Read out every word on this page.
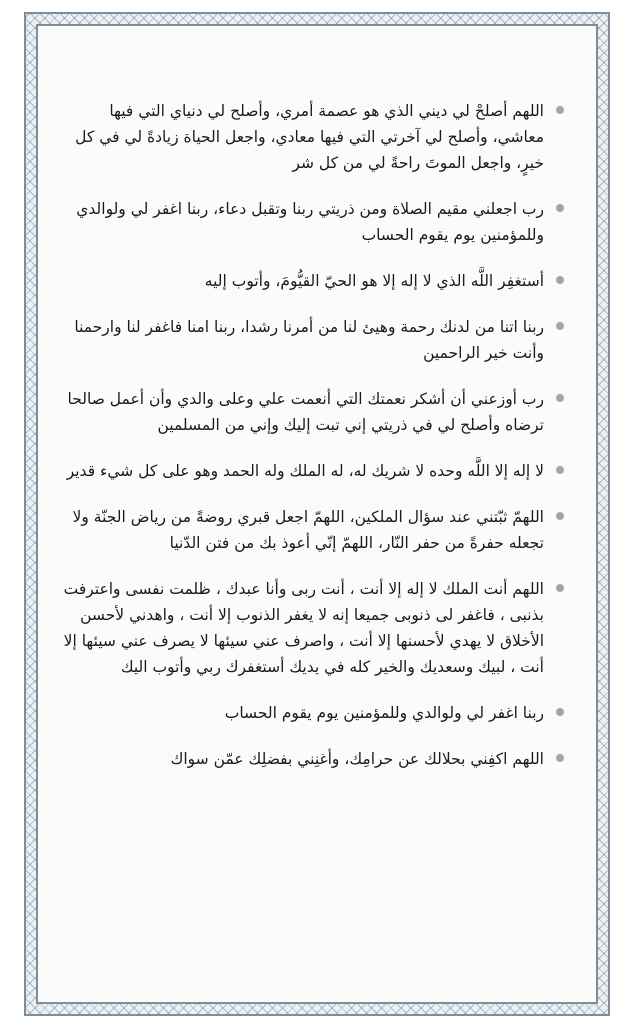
اللهم أصلحْ لي ديني الذي هو عصمة أمري، وأصلح لي دنياي التي فيها معاشي، وأصلح لي آخرتي التي فيها معادي، واجعل الحياة زيادةً لي في كل خيرٍ، واجعل الموتَ راحةً لي من كل شر
رب اجعلني مقيم الصلاة ومن ذريتي ربنا وتقبل دعاء، ربنا اغفر لي ولوالدي وللمؤمنين يوم يقوم الحساب
أستغفِر اللَّه الذي لا إله إلا هو الحيّ القيُّومَ، وأتوب إليه
ربنا اتنا من لدنك رحمة وهيئ لنا من أمرنا رشدا، ربنا امنا فاغفر لنا وارحمنا وأنت خير الراحمين
رب أوزعني أن أشكر نعمتك التي أنعمت علي وعلى والدي وأن أعمل صالحا ترضاه وأصلح لي في ذريتي إني تبت إليك وإني من المسلمين
لا إله إلا اللَّه وحده لا شريك له، له الملك وله الحمد وهو على كل شيء قدير
اللهمّ ثبّتني عند سؤال الملكين، اللهمّ اجعل قبري روضةً من رياض الجنّة ولا تجعله حفرةً من حفر النّار، اللهمّ إنّي أعوذ بك من فتن الدّنيا
اللهم أنت الملك لا إله إلا أنت ، أنت ربى وأنا عبدك ، ظلمت نفسى واعترفت بذنبى ، فاغفر لى ذنوبى جميعا إنه لا يغفر الذنوب إلا أنت ، واهدني لأحسن الأخلاق لا يهدي لأحسنها إلا أنت ، واصرف عني سيئها لا يصرف عني سيئها إلا أنت ، لبيك وسعديك والخير كله في يديك أستغفرك ربي وأتوب اليك
ربنا اغفر لي ولوالدي وللمؤمنين يوم يقوم الحساب
اللهم اكفِني بحلالك عن حرامِك، وأغنِني بفضلِك عمّن سواك
